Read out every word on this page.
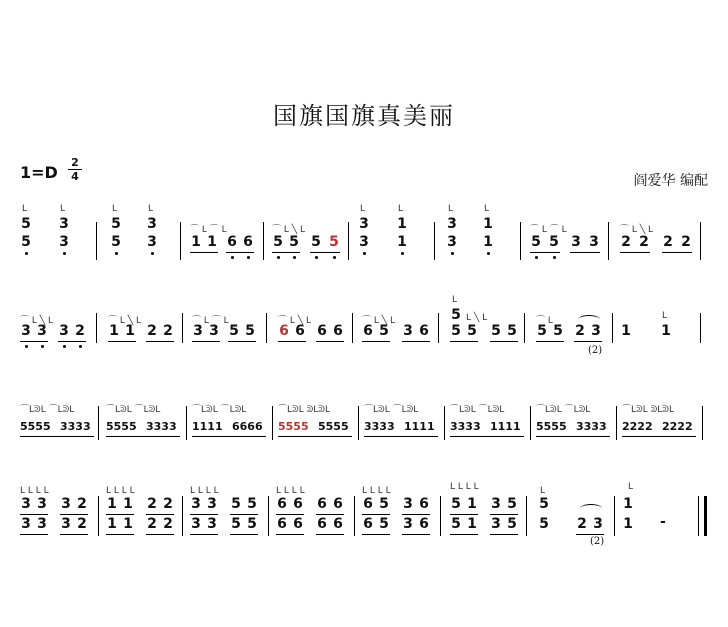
国旗国旗真美丽
1=D
2
4	阎爱华 编配
L	L	L	L	L	L	L	L
5 3
5 3
5 3
5 3
⌒ L ⌒ L
1 1 6 6
⌒ L ╲ L
5 5 5 5
3 1
3 1
3 1
3 1
⌒ L ⌒ L
5 5 3 3
⌒ L ╲ L
2 2 2 2
⌒ L ╲ L
3 3 3 2
⌒ L ╲ L
1 1 2 2
⌒ L ⌒ L
3 3 5 5
⌒ L ╲ L
6 6 6 6
⌒ L ╲ L
6 5 3 6
L
5 L ╲ L
5 5 5 5
⌒ L
5 5 2 3
(2)
1
L
1
⌒LᕲL ⌒LᕲL
5555 3333
⌒LᕲL ⌒LᕲL
5555 3333
⌒LᕲL ⌒LᕲL
1111 6666
⌒LᕲL ᕲLᕲL
5555 5555
⌒LᕲL ⌒LᕲL
3333 1111
⌒LᕲL ⌒LᕲL
3333 1111
⌒LᕲL ⌒LᕲL
5555 3333
⌒LᕲL ᕲLᕲL
2222 2222
L L L L
3 3 3 2
3 3 3 2
L L L L
1 1 2 2
1 1 2 2
L L L L
3 3 5 5
3 3 5 5
L L L L
6 6 6 6
6 6 6 6
L L L L
6 5 3 6
6 5 3 6
L L L L
5 1 3 5
5 1 3 5
L
5
5 2 3
(2)
L
1
1 -
